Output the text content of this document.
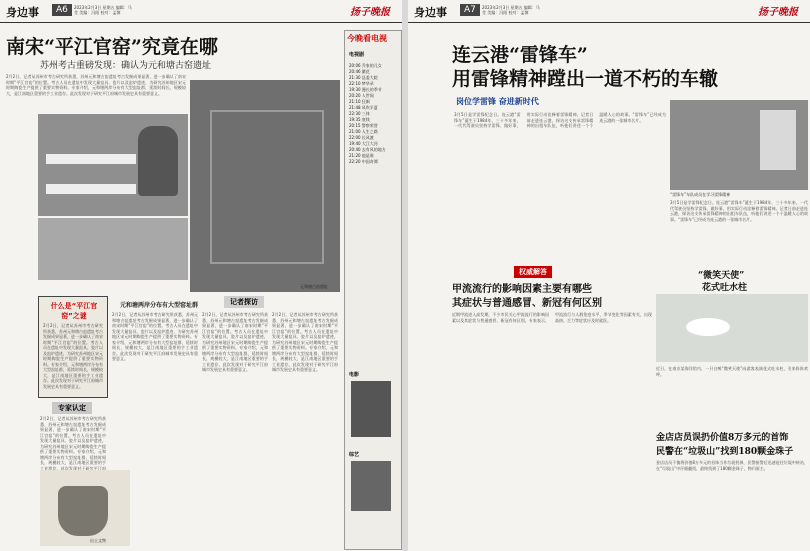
身边事	A6	2023年2月3日 星期五 编辑：马莹 美编：冯阳 校对：孟黎	扬子晚报
南宋“平江官窑”究竟在哪
苏州考古重磅发现：确认为元和塘古窑遗址
2月2日，记者从苏州市考古研究所获悉，苏州元和塘古窑遗址考古发掘成果显著，进一步确认了南宋时期“平江官窑”的位置。考古人员在遗址中发现大量窑具、瓷片以及窑炉遗迹，为研究苏州地区宋元时期陶瓷生产提供了重要实物资料。专家介绍，元和塘两岸分布有大型窑址群，延续时间长，规模较大，是江南地区重要的手工业遗存。此次发现对于研究平江府城市发展史具有重要意义。
元和塘古窑遗址
什么是“平江官窑”之谜
2月2日，记者从苏州市考古研究所获悉，苏州元和塘古窑遗址考古发掘成果显著，进一步确认了南宋时期“平江官窑”的位置。考古人员在遗址中发现大量窑具、瓷片以及窑炉遗迹，为研究苏州地区宋元时期陶瓷生产提供了重要实物资料。专家介绍，元和塘两岸分布有大型窑址群，延续时间长，规模较大，是江南地区重要的手工业遗存。此次发现对于研究平江府城市发展史具有重要意义。
专家认定
2月2日，记者从苏州市考古研究所获悉，苏州元和塘古窑遗址考古发掘成果显著，进一步确认了南宋时期“平江官窑”的位置。考古人员在遗址中发现大量窑具、瓷片以及窑炉遗迹，为研究苏州地区宋元时期陶瓷生产提供了重要实物资料。专家介绍，元和塘两岸分布有大型窑址群，延续时间长，规模较大，是江南地区重要的手工业遗存。此次发现对于研究平江府
出土文物
元和塘两岸分布有大型窑址群
2月2日，记者从苏州市考古研究所获悉，苏州元和塘古窑遗址考古发掘成果显著，进一步确认了南宋时期“平江官窑”的位置。考古人员在遗址中发现大量窑具、瓷片以及窑炉遗迹，为研究苏州地区宋元时期陶瓷生产提供了重要实物资料。专家介绍，元和塘两岸分布有大型窑址群，延续时间长，规模较大，是江南地区重要的手工业遗存。此次发现对于研究平江府城市发展史具有重要意义。
记者探访
2月2日，记者从苏州市考古研究所获悉，苏州元和塘古窑遗址考古发掘成果显著，进一步确认了南宋时期“平江官窑”的位置。考古人员在遗址中发现大量窑具、瓷片以及窑炉遗迹，为研究苏州地区宋元时期陶瓷生产提供了重要实物资料。专家介绍，元和塘两岸分布有大型窑址群，延续时间长，规模较大，是江南地区重要的手工业遗存。此次发现对于研究平江府城市发展史具有重要意义。
2月2日，记者从苏州市考古研究所获悉，苏州元和塘古窑遗址考古发掘成果显著，进一步确认了南宋时期“平江官窑”的位置。考古人员在遗址中发现大量窑具、瓷片以及窑炉遗迹，为研究苏州地区宋元时期陶瓷生产提供了重要实物资料。专家介绍，元和塘两岸分布有大型窑址群，延续时间长，规模较大，是江南地区重要的手工业遗存。此次发现对于研究平江府城市发展史具有重要意义。
今晚看电视
电视剧
20:06 乔家的儿女
20:46 繁花
21:30 县委大院
22:10 梦华录
19:30 漫长的季节
20:20 人世间
21:10 狂飙
21:48 风吹半夏
22:30 三体
19:35 底线
20:15 警察荣誉
21:00 人生之路
22:00 长风渡
19:40 大江大河
20:40 去有风的地方
21:20 他是谁
22:20 中国奇谭
电影
综艺
身边事	A7	2023年2月3日 星期五 编辑：马莹 美编：冯阳 校对：孟黎	扬子晚报
连云港“雷锋车”
用雷锋精神蹚出一道不朽的车辙
岗位学雷锋 奋进新时代
3月5日是学雷锋纪念日。连云港“雷锋车”诞生于1984年，三十多年来，一代代驾驶员坚持学雷锋、做好事，用实际行动诠释着雷锋精神。记者日前走进连云港，探访这支传承雷锋精神的出租车队伍，听他们讲述一个个温暖人心的故事。“雷锋车”已经成为连云港的一张城市名片。
“雷锋车”车队成员在学习雷锋精神
3月5日是学雷锋纪念日。连云港“雷锋车”诞生于1984年，三十多年来，一代代驾驶员坚持学雷锋、做好事，用实际行动诠释着雷锋精神。记者日前走进连云港，探访这支传承雷锋精神的出租车队伍，听他们讲述一个个温暖人心的故事。“雷锋车”已经成为连云港的一张城市名片。
权威解答
甲流流行的影响因素主要有哪些
其症状与普通感冒、新冠有何区别
近期甲流进入高发期，不少市民关心甲流流行的影响因素以及其症状与普通感冒、新冠有何区别。专家表示，甲流流行与人群免疫水平、季节变化等因素有关，出现高热、乏力等症状应及时就医。
“微笑天使”
花式吐水柱
近日，在南京某海洋馆内，一只白鲸“微笑天使”向游客表演花式吐水柱，引来阵阵欢呼。
金店店员误扔价值8万多元的首饰
民警在“垃圾山”找到180颗金珠子
金店店员不慎将价值8万多元的首饰当作垃圾扔掉，民警接警后迅速赶往垃圾中转站，在“垃圾山”中仔细翻找，最终找到了180颗金珠子，物归原主。
